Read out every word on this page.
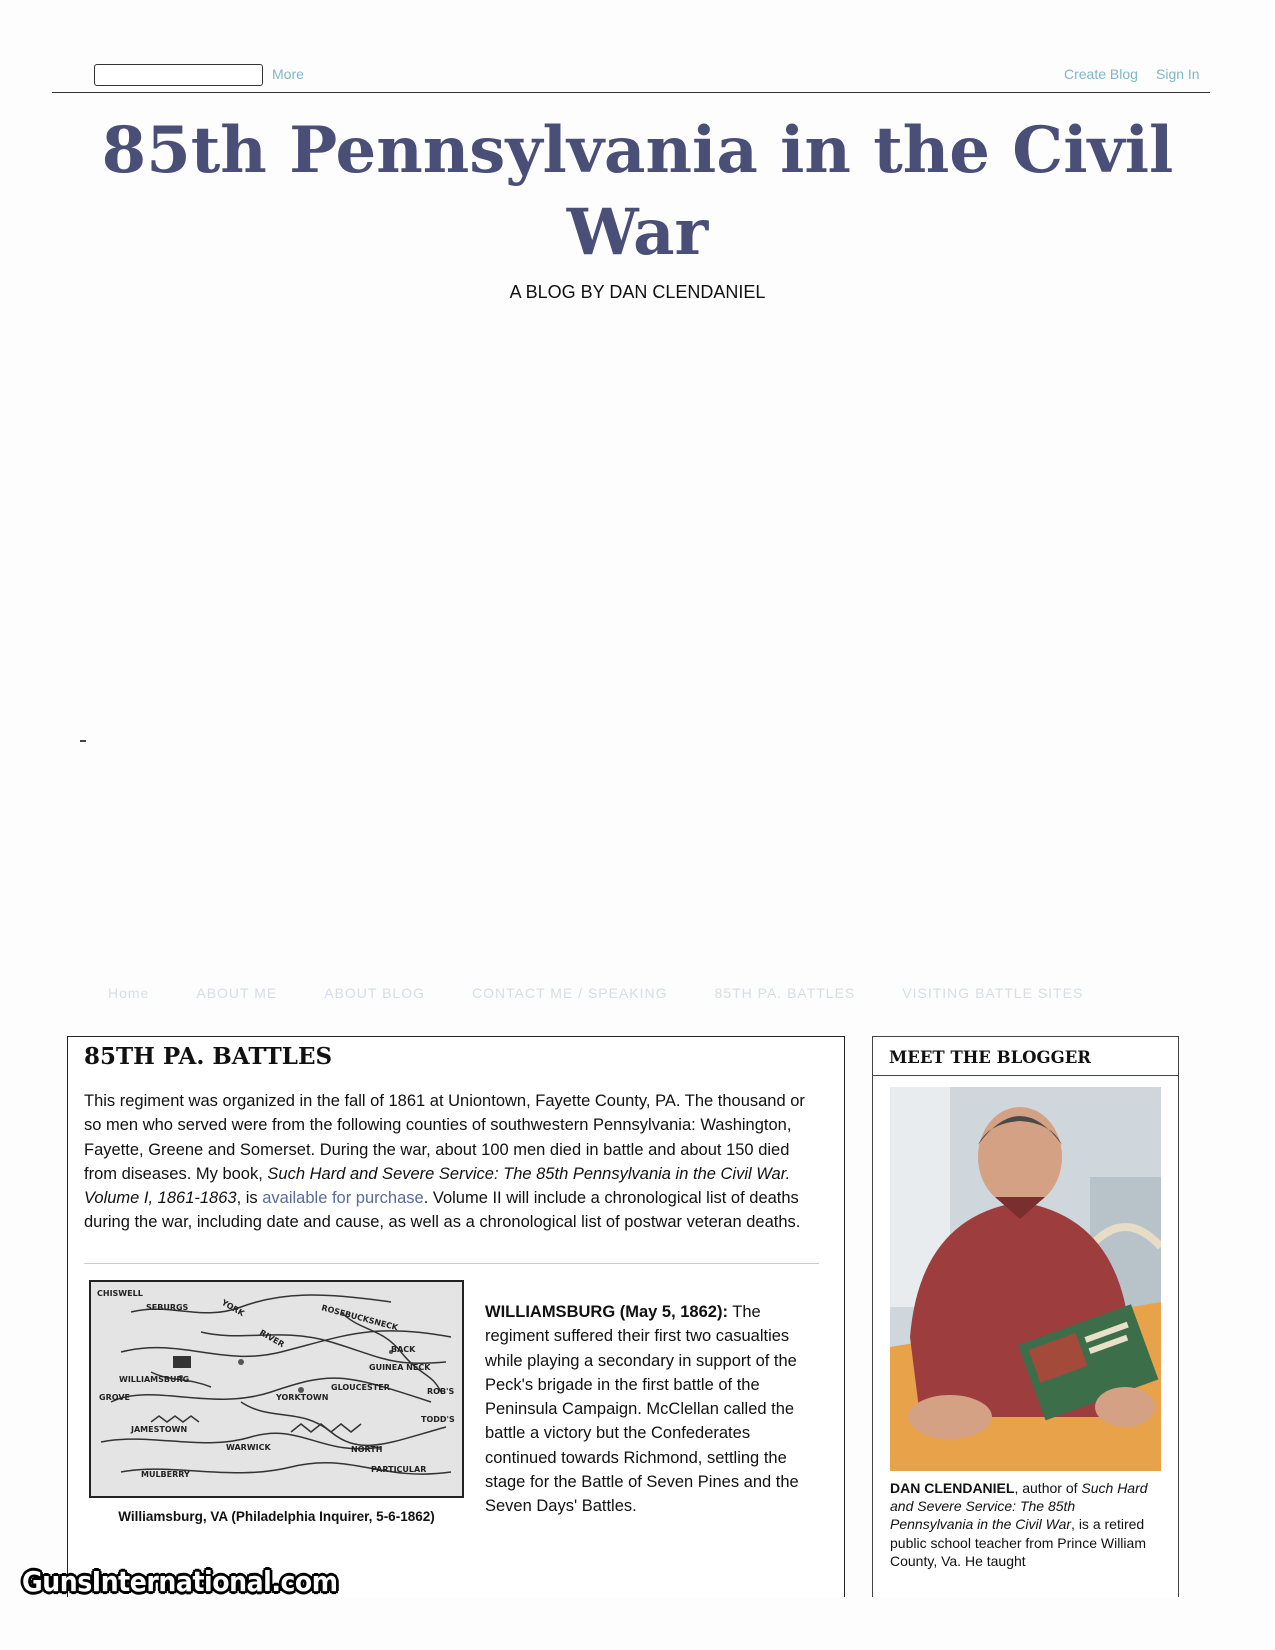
More	Create Blog Sign In
85th Pennsylvania in the Civil War
A BLOG BY DAN CLENDANIEL
Home	ABOUT ME	ABOUT BLOG	CONTACT ME / SPEAKING	85TH PA. BATTLES	VISITING BATTLE SITES
85TH PA. BATTLES

This regiment was organized in the fall of 1861 at Uniontown, Fayette County, PA. The thousand or so men who served were from the following counties of southwestern Pennsylvania: Washington, Fayette, Greene and Somerset. During the war, about 100 men died in battle and about 150 died from diseases. My book, Such Hard and Severe Service: The 85th Pennsylvania in the Civil War. Volume I, 1861-1863, is available for purchase. Volume II will include a chronological list of deaths during the war, including date and cause, as well as a chronological list of postwar veteran deaths.

CHISWELL
SEBURGS	YORK
RIVER
ROSEBUCKSNECK
BACK
GUINEA NECK
WILLIAMSBURG
GROVE	YORKTOWN
GLOUCESTER	ROB'S
TODD'S
JAMESTOWN
WARWICK	NORTH
PARTICULAR
MULBERRY
Williamsburg, VA (Philadelphia Inquirer, 5-6-1862)

WILLIAMSBURG (May 5, 1862): The regiment suffered their first two casualties while playing a secondary in support of the Peck's brigade in the first battle of the Peninsula Campaign. McClellan called the battle a victory but the Confederates continued towards Richmond, settling the stage for the Battle of Seven Pines and the Seven Days' Battles.

MEET THE BLOGGER

DAN CLENDANIEL, author of Such Hard and Severe Service: The 85th Pennsylvania in the Civil War, is a retired public school teacher from Prince William County, Va. He taught

GunsInternational.com
